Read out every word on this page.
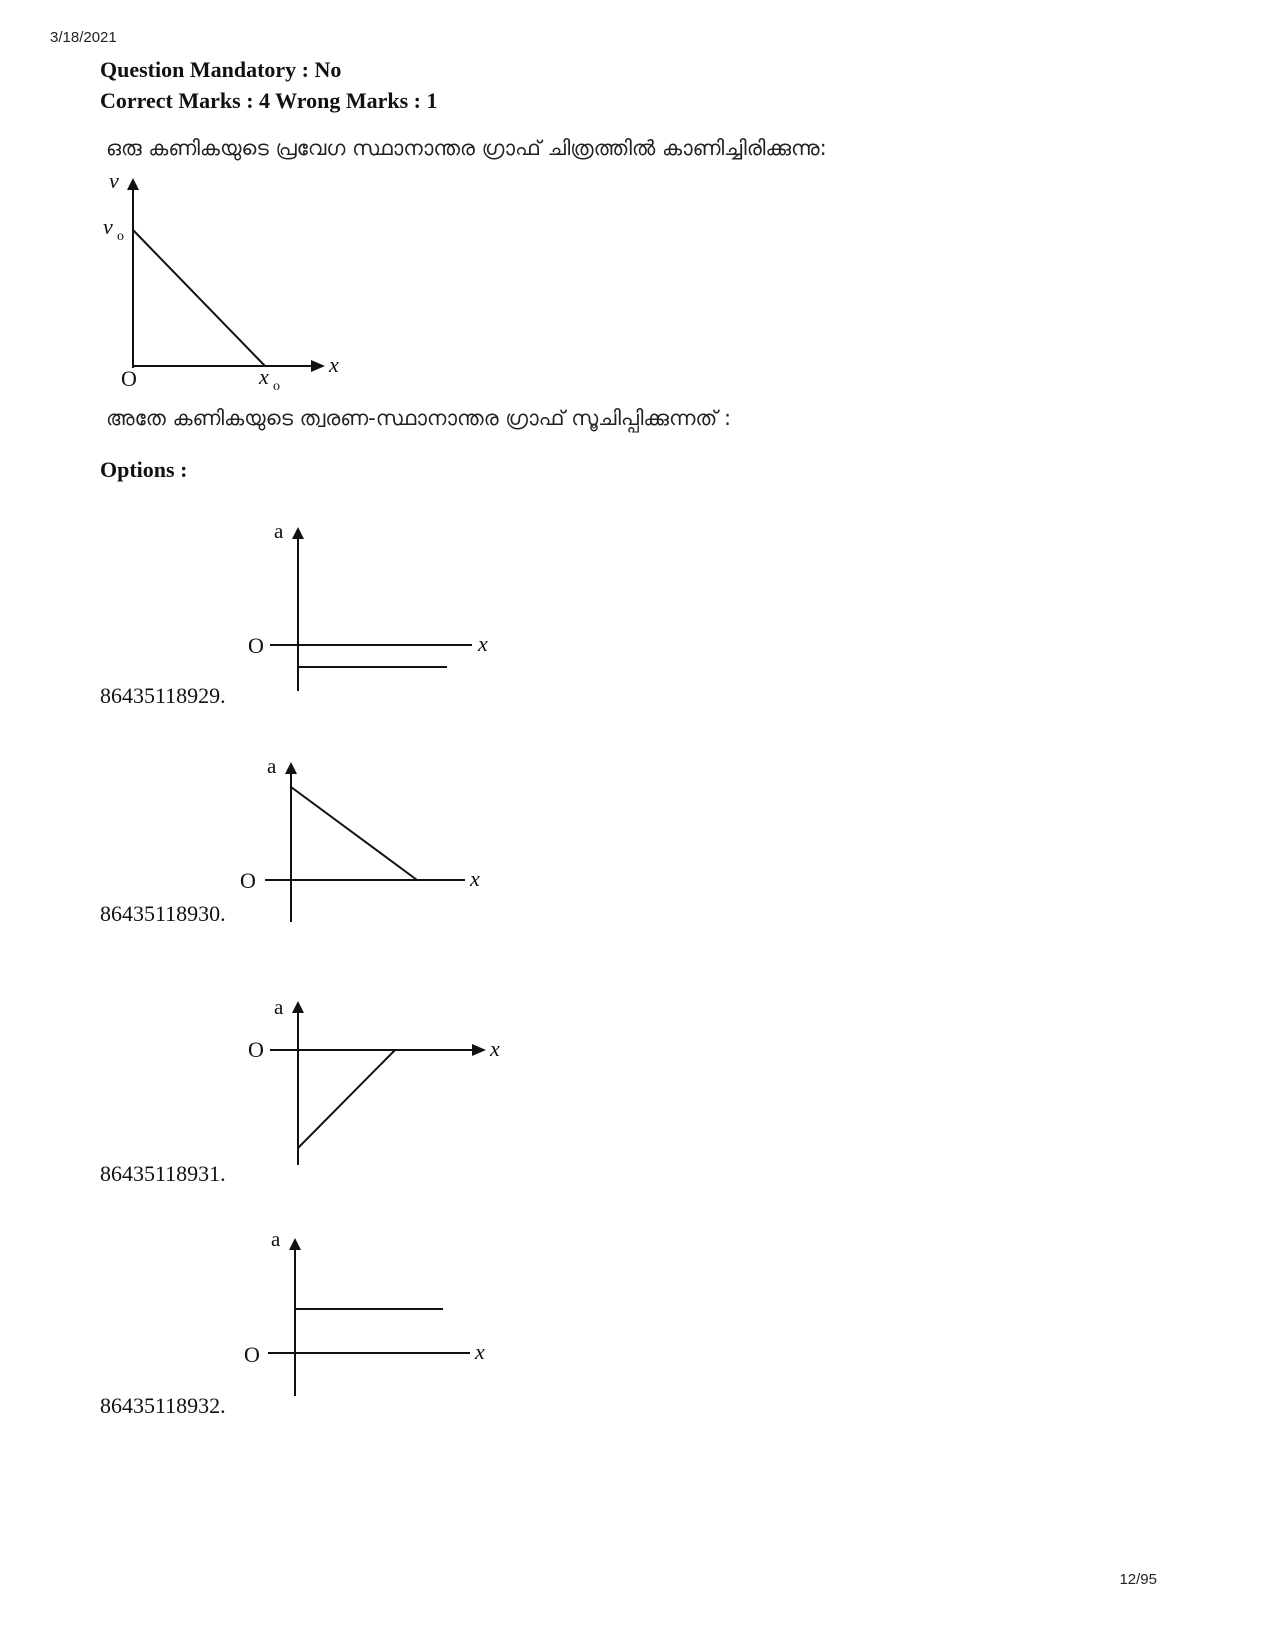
3/18/2021
Question Mandatory : No
Correct Marks : 4 Wrong Marks : 1
ഒരു കണികയുടെ പ്രവേഗ സ്ഥാനാന്തര ഗ്രാഫ് ചിത്രത്തിൽ കാണിച്ചിരിക്കുന്നു:
v
v o
x
x o
O
അതേ കണികയുടെ ത്വരണ-സ്ഥാനാന്തര ഗ്രാഫ് സൂചിപ്പിക്കുന്നത് :
Options :
a
x
O
86435118929.
a
x
O
86435118930.
a
x
O
86435118931.
a
x
O
86435118932.
12/95
